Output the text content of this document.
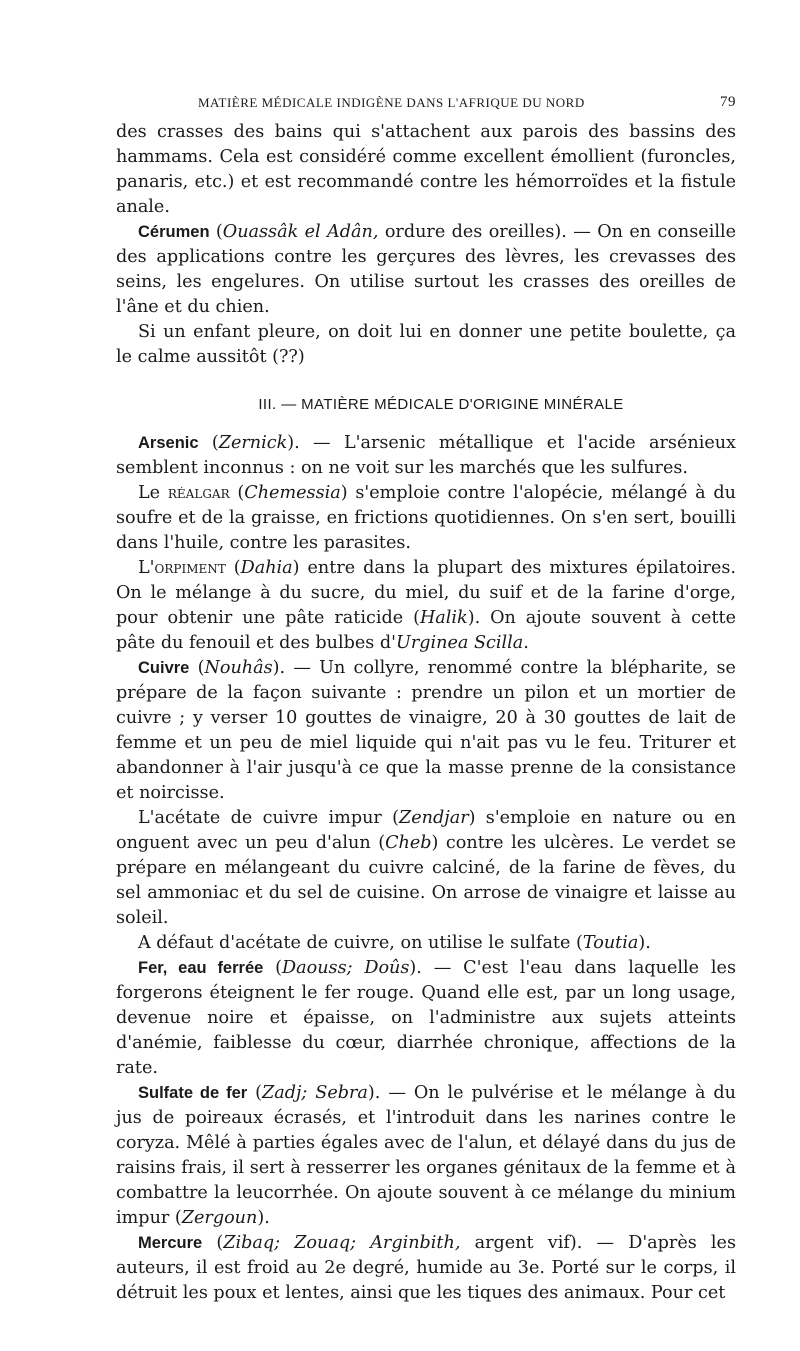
MATIÈRE MÉDICALE INDIGÈNE DANS L'AFRIQUE DU NORD	79

des crasses des bains qui s'attachent aux parois des bassins des hammams. Cela est considéré comme excellent émollient (furoncles, panaris, etc.) et est recommandé contre les hémorroïdes et la fistule anale.

Cérumen (Ouassâk el Adân, ordure des oreilles). — On en conseille des applications contre les gerçures des lèvres, les crevasses des seins, les engelures. On utilise surtout les crasses des oreilles de l'âne et du chien.

Si un enfant pleure, on doit lui en donner une petite boulette, ça le calme aussitôt (??)

III. — MATIÈRE MÉDICALE D'ORIGINE MINÉRALE

Arsenic (Zernick). — L'arsenic métallique et l'acide arsénieux semblent inconnus : on ne voit sur les marchés que les sulfures.

Le réalgar (Chemessia) s'emploie contre l'alopécie, mélangé à du soufre et de la graisse, en frictions quotidiennes. On s'en sert, bouilli dans l'huile, contre les parasites.

L'orpiment (Dahia) entre dans la plupart des mixtures épilatoires. On le mélange à du sucre, du miel, du suif et de la farine d'orge, pour obtenir une pâte raticide (Halik). On ajoute souvent à cette pâte du fenouil et des bulbes d'Urginea Scilla.

Cuivre (Nouhâs). — Un collyre, renommé contre la blépharite, se prépare de la façon suivante : prendre un pilon et un mortier de cuivre ; y verser 10 gouttes de vinaigre, 20 à 30 gouttes de lait de femme et un peu de miel liquide qui n'ait pas vu le feu. Triturer et abandonner à l'air jusqu'à ce que la masse prenne de la consistance et noircisse.

L'acétate de cuivre impur (Zendjar) s'emploie en nature ou en onguent avec un peu d'alun (Cheb) contre les ulcères. Le verdet se prépare en mélangeant du cuivre calciné, de la farine de fèves, du sel ammoniac et du sel de cuisine. On arrose de vinaigre et laisse au soleil.

A défaut d'acétate de cuivre, on utilise le sulfate (Toutia).

Fer, eau ferrée (Daouss; Doûs). — C'est l'eau dans laquelle les forgerons éteignent le fer rouge. Quand elle est, par un long usage, devenue noire et épaisse, on l'administre aux sujets atteints d'anémie, faiblesse du cœur, diarrhée chronique, affections de la rate.

Sulfate de fer (Zadj; Sebra). — On le pulvérise et le mélange à du jus de poireaux écrasés, et l'introduit dans les narines contre le coryza. Mêlé à parties égales avec de l'alun, et délayé dans du jus de raisins frais, il sert à resserrer les organes génitaux de la femme et à combattre la leucorrhée. On ajoute souvent à ce mélange du minium impur (Zergoun).

Mercure (Zibaq; Zouaq; Arginbith, argent vif). — D'après les auteurs, il est froid au 2e degré, humide au 3e. Porté sur le corps, il détruit les poux et lentes, ainsi que les tiques des animaux. Pour cet
